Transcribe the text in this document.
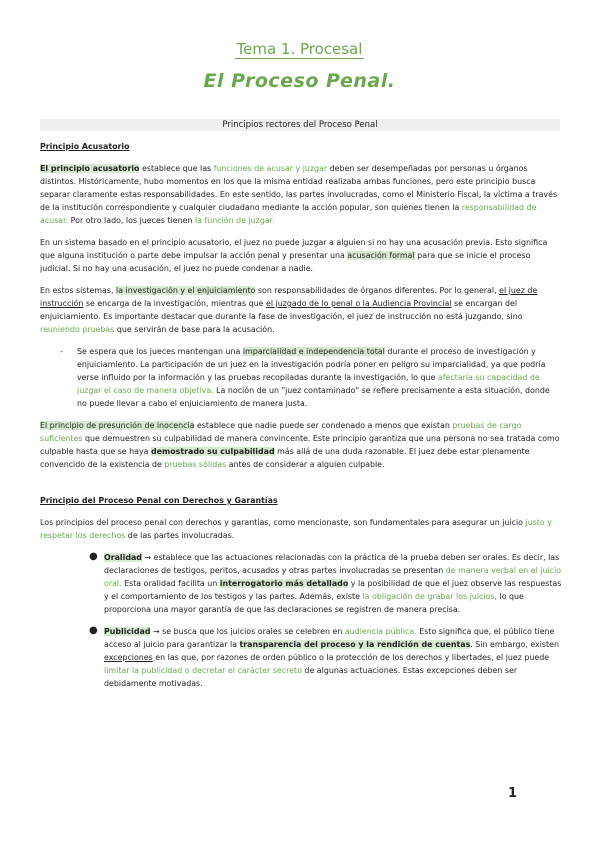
Tema 1. Procesal
El Proceso Penal.
Principios rectores del Proceso Penal
Principio Acusatorio

El principio acusatorio establece que las funciones de acusar y juzgar deben ser desempeñadas por personas u órganos distintos. Históricamente, hubo momentos en los que la misma entidad realizaba ambas funciones, pero este principio busca separar claramente estas responsabilidades. En este sentido, las partes involucradas, como el Ministerio Fiscal, la víctima a través de la institución correspondiente y cualquier ciudadano mediante la acción popular, son quienes tienen la responsabilidad de acusar. Por otro lado, los jueces tienen la función de juzgar.

En un sistema basado en el principio acusatorio, el juez no puede juzgar a alguien si no hay una acusación previa. Esto significa que alguna institución o parte debe impulsar la acción penal y presentar una acusación formal para que se inicie el proceso judicial. Si no hay una acusación, el juez no puede condenar a nadie.

En estos sistemas, la investigación y el enjuiciamiento son responsabilidades de órganos diferentes. Por lo general, el juez de instrucción se encarga de la investigación, mientras que el juzgado de lo penal o la Audiencia Provincial se encargan del enjuiciamiento. Es importante destacar que durante la fase de investigación, el juez de instrucción no está juzgando, sino reuniendo pruebas que servirán de base para la acusación.

- Se espera que los jueces mantengan una imparcialidad e independencia total durante el proceso de investigación y enjuiciamiento. La participación de un juez en la investigación podría poner en peligro su imparcialidad, ya que podría verse influido por la información y las pruebas recopiladas durante la investigación, lo que afectaría su capacidad de juzgar el caso de manera objetiva. La noción de un "juez contaminado" se refiere precisamente a esta situación, donde no puede llevar a cabo el enjuiciamiento de manera justa.

El principio de presunción de inocencia establece que nadie puede ser condenado a menos que existan pruebas de cargo suficientes que demuestren su culpabilidad de manera convincente. Este principio garantiza que una persona no sea tratada como culpable hasta que se haya demostrado su culpabilidad más allá de una duda razonable. El juez debe estar plenamente convencido de la existencia de pruebas sólidas antes de considerar a alguien culpable.

Principio del Proceso Penal con Derechos y Garantías

Los principios del proceso penal con derechos y garantías, como mencionaste, son fundamentales para asegurar un juicio justo y respetar los derechos de las partes involucradas.

● Oralidad → establece que las actuaciones relacionadas con la práctica de la prueba deben ser orales. Es decir, las declaraciones de testigos, peritos, acusados y otras partes involucradas se presentan de manera verbal en el juicio oral. Esta oralidad facilita un interrogatorio más detallado y la posibilidad de que el juez observe las respuestas y el comportamiento de los testigos y las partes. Además, existe la obligación de grabar los juicios, lo que proporciona una mayor garantía de que las declaraciones se registren de manera precisa.
● Publicidad → se busca que los juicios orales se celebren en audiencia pública. Esto significa que, el público tiene acceso al juicio para garantizar la transparencia del proceso y la rendición de cuentas. Sin embargo, existen excepciones en las que, por razones de orden público o la protección de los derechos y libertades, el juez puede limitar la publicidad o decretar el carácter secreto de algunas actuaciones. Estas excepciones deben ser debidamente motivadas.
1
